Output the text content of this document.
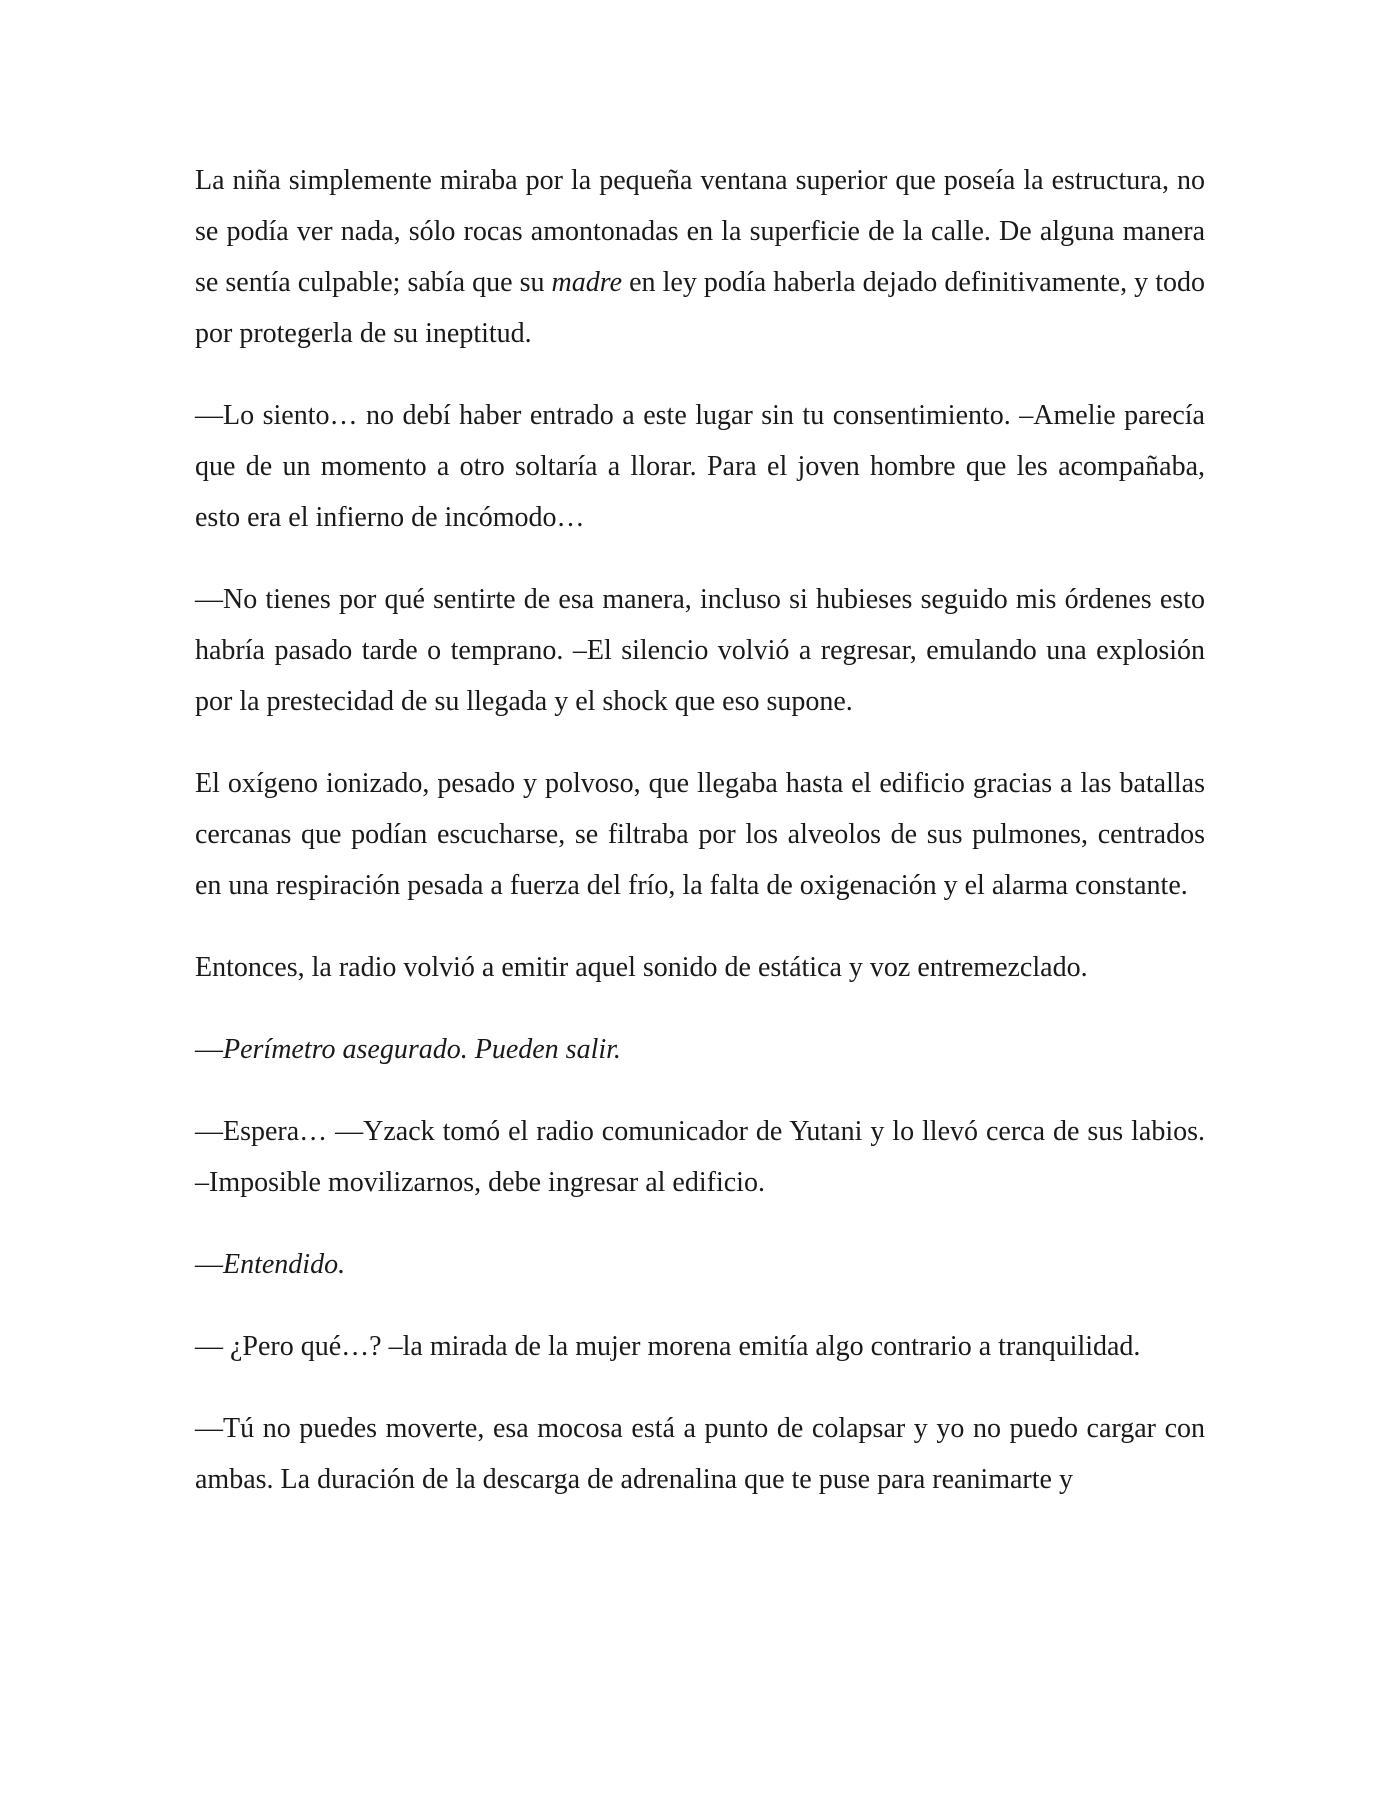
La niña simplemente miraba por la pequeña ventana superior que poseía la estructura, no se podía ver nada, sólo rocas amontonadas en la superficie de la calle. De alguna manera se sentía culpable; sabía que su madre en ley podía haberla dejado definitivamente, y todo por protegerla de su ineptitud.

—Lo siento… no debí haber entrado a este lugar sin tu consentimiento. –Amelie parecía que de un momento a otro soltaría a llorar. Para el joven hombre que les acompañaba, esto era el infierno de incómodo…

—No tienes por qué sentirte de esa manera, incluso si hubieses seguido mis órdenes esto habría pasado tarde o temprano. –El silencio volvió a regresar, emulando una explosión por la prestecidad de su llegada y el shock que eso supone.

El oxígeno ionizado, pesado y polvoso, que llegaba hasta el edificio gracias a las batallas cercanas que podían escucharse, se filtraba por los alveolos de sus pulmones, centrados en una respiración pesada a fuerza del frío, la falta de oxigenación y el alarma constante.

Entonces, la radio volvió a emitir aquel sonido de estática y voz entremezclado.

—Perímetro asegurado. Pueden salir.

—Espera… —Yzack tomó el radio comunicador de Yutani y lo llevó cerca de sus labios. –Imposible movilizarnos, debe ingresar al edificio.

—Entendido.

— ¿Pero qué…? –la mirada de la mujer morena emitía algo contrario a tranquilidad.

—Tú no puedes moverte, esa mocosa está a punto de colapsar y yo no puedo cargar con ambas. La duración de la descarga de adrenalina que te puse para reanimarte y
